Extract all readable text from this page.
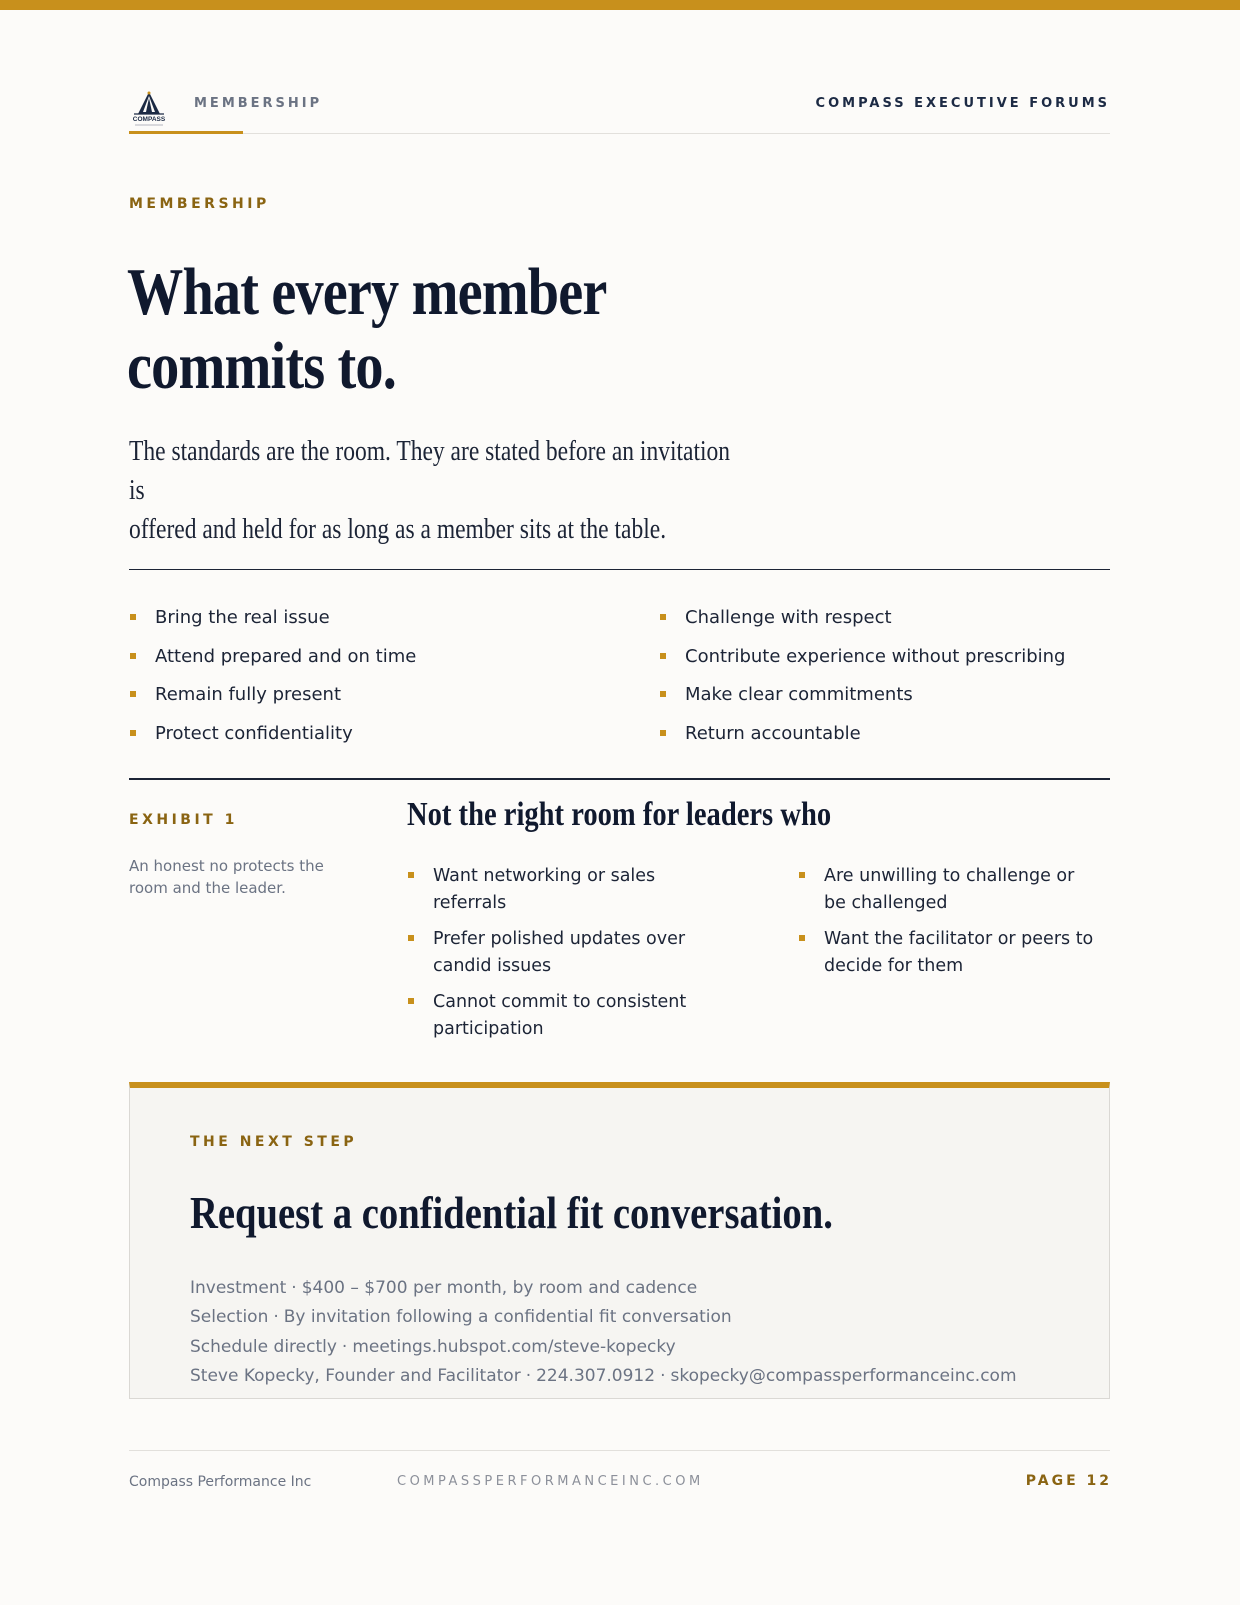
COMPASS
MEMBERSHIP	COMPASS EXECUTIVE FORUMS
MEMBERSHIP
What every member
commits to.

The standards are the room. They are stated before an invitation is
offered and held for as long as a member sits at the table.

Bring the real issue
Attend prepared and on time
Remain fully present
Protect confidentiality
Challenge with respect
Contribute experience without prescribing
Make clear commitments
Return accountable
EXHIBIT 1

An honest no protects the room and the leader.

Not the right room for leaders who
Want networking or sales referrals
Prefer polished updates over candid issues
Cannot commit to consistent participation
Are unwilling to challenge or be challenged
Want the facilitator or peers to decide for them
THE NEXT STEP
Request a confidential fit conversation.
Investment · $400 – $700 per month, by room and cadence
Selection · By invitation following a confidential fit conversation
Schedule directly · meetings.hubspot.com/steve-kopecky
Steve Kopecky, Founder and Facilitator · 224.307.0912 · skopecky@compassperformanceinc.com
Compass Performance Inc	COMPASSPERFORMANCEINC.COM	PAGE 12
